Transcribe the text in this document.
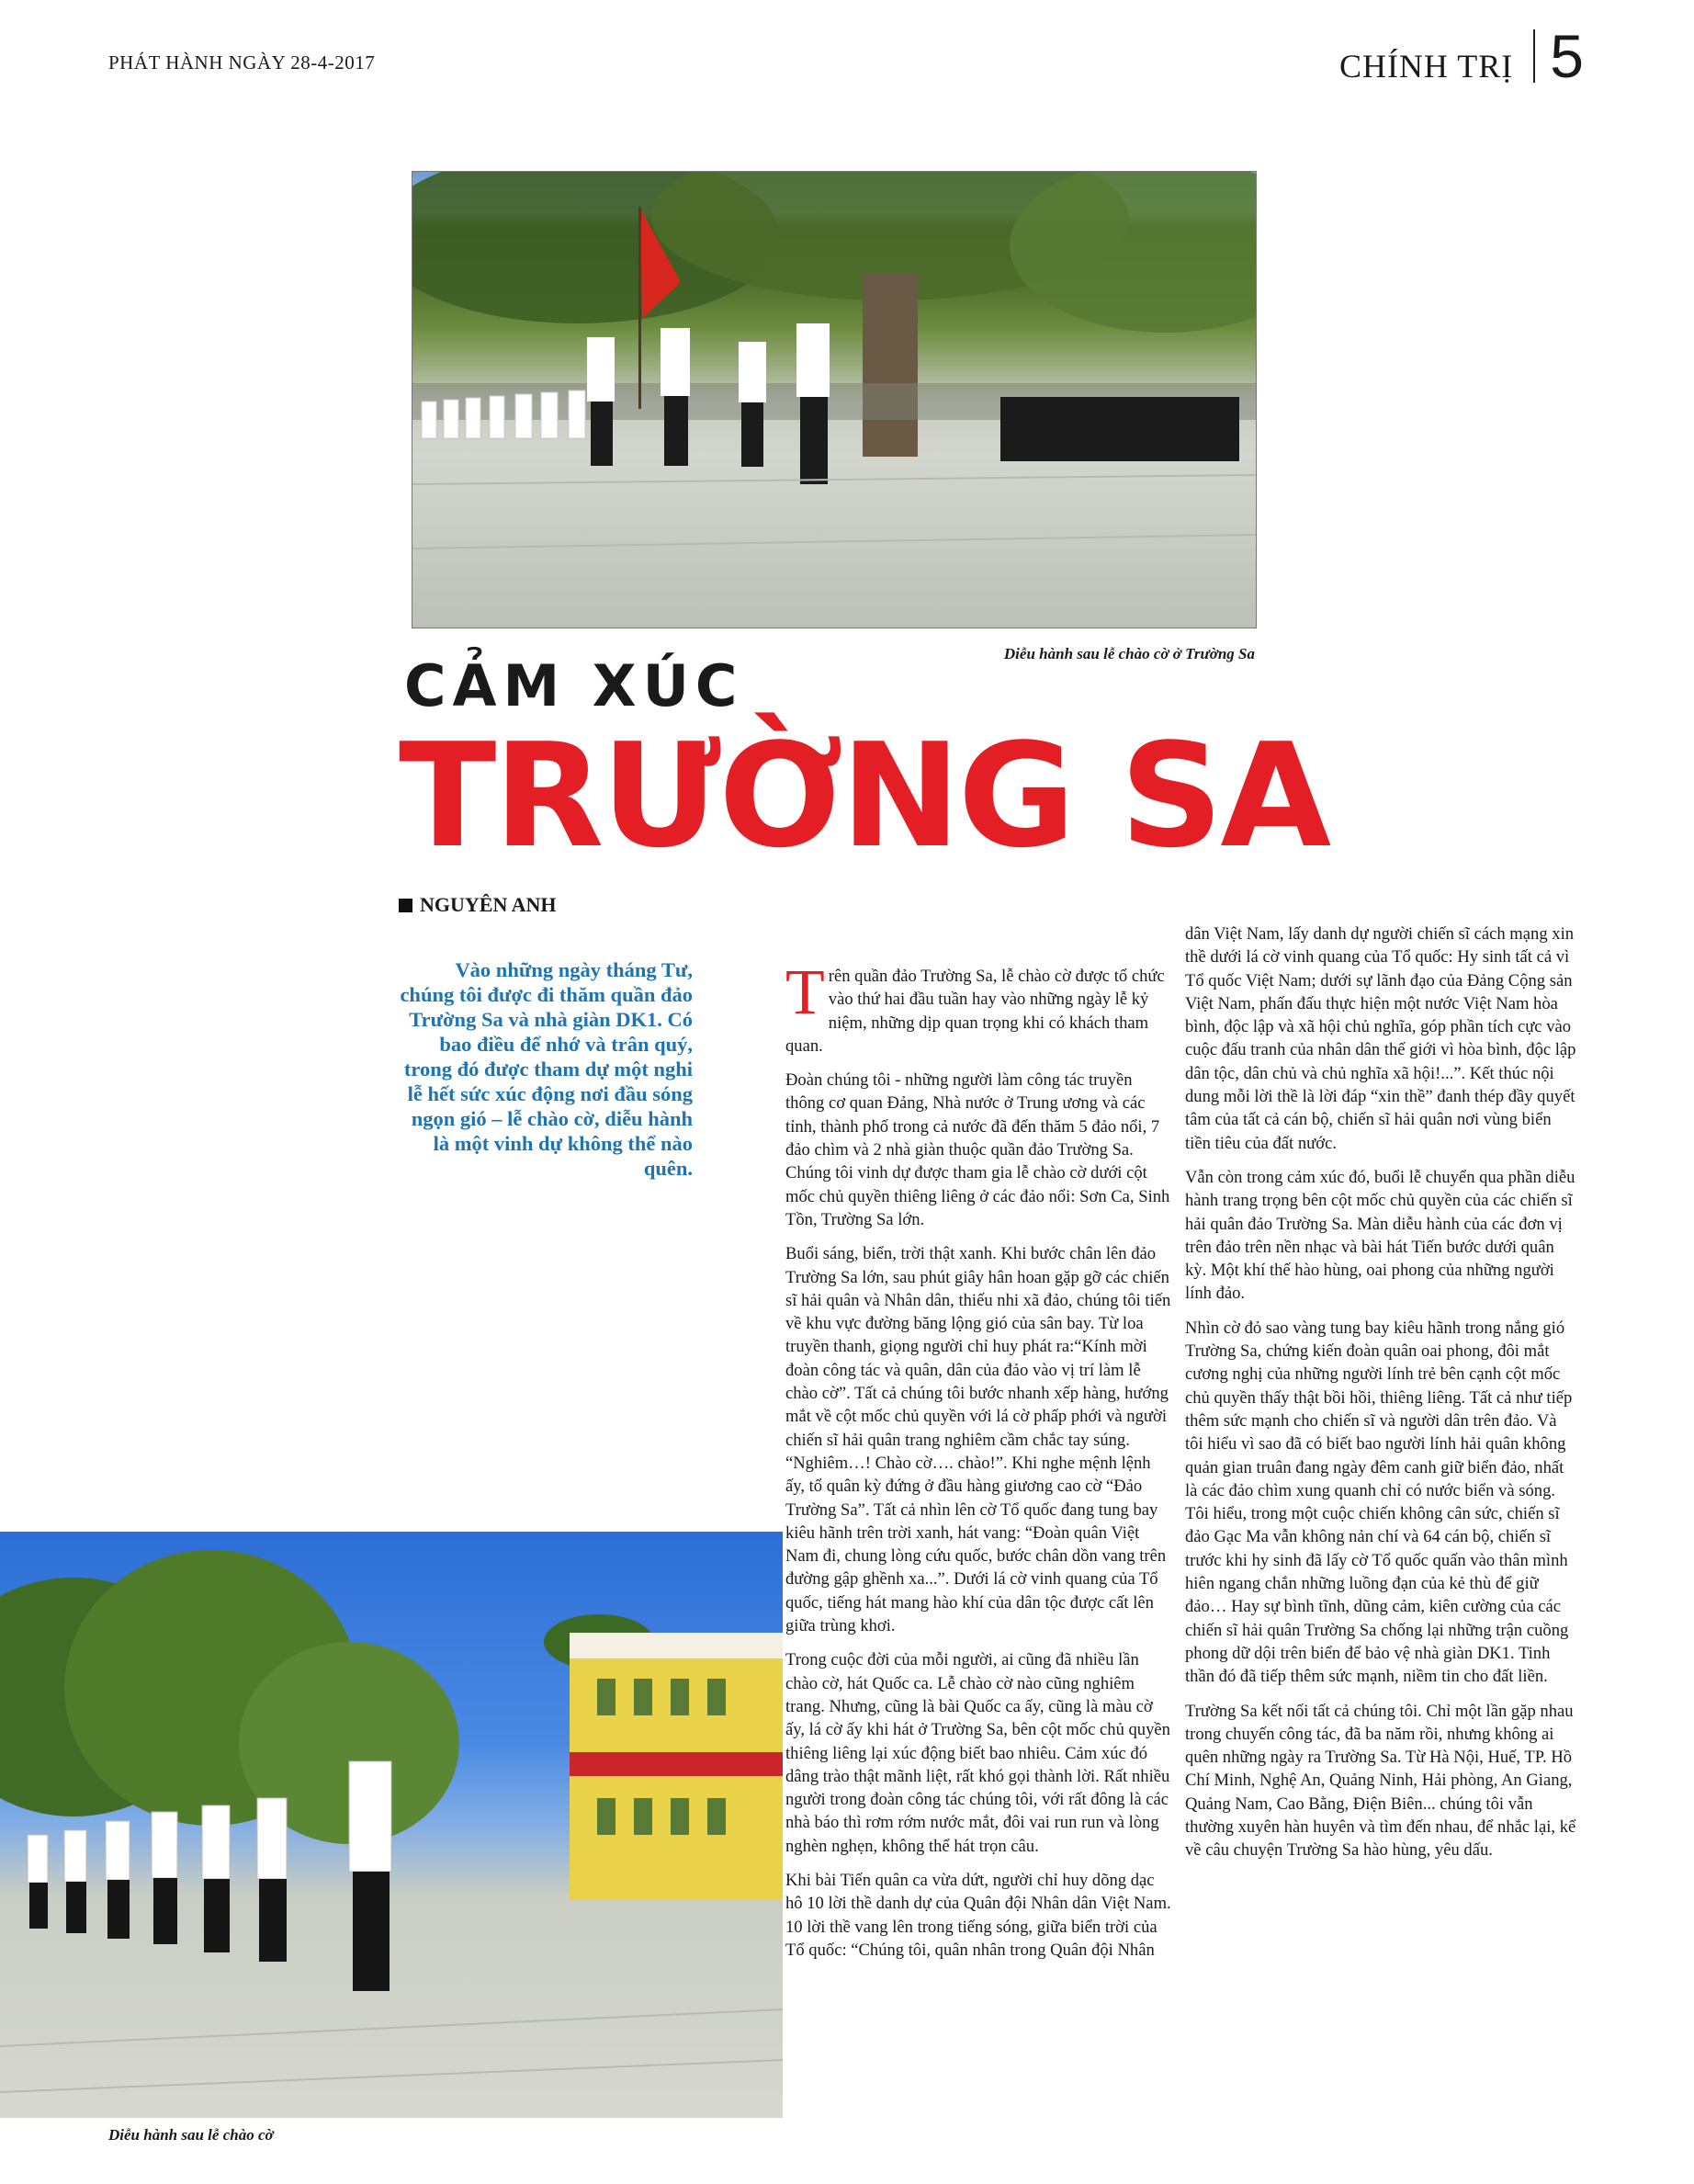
PHÁT HÀNH NGÀY 28-4-2017	CHÍNH TRỊ 5
Diễu hành sau lễ chào cờ ở Trường Sa
CẢM XÚC
TRƯỜNG SA
NGUYÊN ANH
Vào những ngày tháng Tư, chúng tôi được đi thăm quần đảo Trường Sa và nhà giàn DK1. Có bao điều để nhớ và trân quý, trong đó được tham dự một nghi lễ hết sức xúc động nơi đầu sóng ngọn gió – lễ chào cờ, diễu hành là một vinh dự không thể nào quên.

Trên quần đảo Trường Sa, lễ chào cờ được tổ chức vào thứ hai đầu tuần hay vào những ngày lễ kỷ niệm, những dịp quan trọng khi có khách tham quan.

Đoàn chúng tôi - những người làm công tác truyền thông cơ quan Đảng, Nhà nước ở Trung ương và các tỉnh, thành phố trong cả nước đã đến thăm 5 đảo nổi, 7 đảo chìm và 2 nhà giàn thuộc quần đảo Trường Sa. Chúng tôi vinh dự được tham gia lễ chào cờ dưới cột mốc chủ quyền thiêng liêng ở các đảo nổi: Sơn Ca, Sinh Tồn, Trường Sa lớn.

Buổi sáng, biển, trời thật xanh. Khi bước chân lên đảo Trường Sa lớn, sau phút giây hân hoan gặp gỡ các chiến sĩ hải quân và Nhân dân, thiếu nhi xã đảo, chúng tôi tiến về khu vực đường băng lộng gió của sân bay. Từ loa truyền thanh, giọng người chỉ huy phát ra:“Kính mời đoàn công tác và quân, dân của đảo vào vị trí làm lễ chào cờ”. Tất cả chúng tôi bước nhanh xếp hàng, hướng mắt về cột mốc chủ quyền với lá cờ phấp phới và người chiến sĩ hải quân trang nghiêm cầm chắc tay súng. “Nghiêm…! Chào cờ…. chào!”. Khi nghe mệnh lệnh ấy, tổ quân kỳ đứng ở đầu hàng giương cao cờ “Đảo Trường Sa”. Tất cả nhìn lên cờ Tổ quốc đang tung bay kiêu hãnh trên trời xanh, hát vang: “Đoàn quân Việt Nam đi, chung lòng cứu quốc, bước chân dồn vang trên đường gập ghềnh xa...”. Dưới lá cờ vinh quang của Tổ quốc, tiếng hát mang hào khí của dân tộc được cất lên giữa trùng khơi.

Trong cuộc đời của mỗi người, ai cũng đã nhiều lần chào cờ, hát Quốc ca. Lễ chào cờ nào cũng nghiêm trang. Nhưng, cũng là bài Quốc ca ấy, cũng là màu cờ ấy, lá cờ ấy khi hát ở Trường Sa, bên cột mốc chủ quyền thiêng liêng lại xúc động biết bao nhiêu. Cảm xúc đó dâng trào thật mãnh liệt, rất khó gọi thành lời. Rất nhiều người trong đoàn công tác chúng tôi, với rất đông là các nhà báo thì rơm rớm nước mắt, đôi vai run run và lòng nghèn nghẹn, không thể hát trọn câu.

Khi bài Tiến quân ca vừa dứt, người chỉ huy dõng dạc hô 10 lời thề danh dự của Quân đội Nhân dân Việt Nam. 10 lời thề vang lên trong tiếng sóng, giữa biển trời của Tổ quốc: “Chúng tôi, quân nhân trong Quân đội Nhân

dân Việt Nam, lấy danh dự người chiến sĩ cách mạng xin thề dưới lá cờ vinh quang của Tổ quốc: Hy sinh tất cả vì Tổ quốc Việt Nam; dưới sự lãnh đạo của Đảng Cộng sản Việt Nam, phấn đấu thực hiện một nước Việt Nam hòa bình, độc lập và xã hội chủ nghĩa, góp phần tích cực vào cuộc đấu tranh của nhân dân thế giới vì hòa bình, độc lập dân tộc, dân chủ và chủ nghĩa xã hội!...”. Kết thúc nội dung mỗi lời thề là lời đáp “xin thề” đanh thép đầy quyết tâm của tất cả cán bộ, chiến sĩ hải quân nơi vùng biển tiền tiêu của đất nước.

Vẫn còn trong cảm xúc đó, buổi lễ chuyển qua phần diễu hành trang trọng bên cột mốc chủ quyền của các chiến sĩ hải quân đảo Trường Sa. Màn diễu hành của các đơn vị trên đảo trên nền nhạc và bài hát Tiến bước dưới quân kỳ. Một khí thế hào hùng, oai phong của những người lính đảo.

Nhìn cờ đỏ sao vàng tung bay kiêu hãnh trong nắng gió Trường Sa, chứng kiến đoàn quân oai phong, đôi mắt cương nghị của những người lính trẻ bên cạnh cột mốc chủ quyền thấy thật bồi hồi, thiêng liêng. Tất cả như tiếp thêm sức mạnh cho chiến sĩ và người dân trên đảo. Và tôi hiểu vì sao đã có biết bao người lính hải quân không quản gian truân đang ngày đêm canh giữ biển đảo, nhất là các đảo chìm xung quanh chỉ có nước biển và sóng. Tôi hiểu, trong một cuộc chiến không cân sức, chiến sĩ đảo Gạc Ma vẫn không nản chí và 64 cán bộ, chiến sĩ trước khi hy sinh đã lấy cờ Tổ quốc quấn vào thân mình hiên ngang chắn những luồng đạn của kẻ thù để giữ đảo… Hay sự bình tĩnh, dũng cảm, kiên cường của các chiến sĩ hải quân Trường Sa chống lại những trận cuồng phong dữ dội trên biển để bảo vệ nhà giàn DK1. Tinh thần đó đã tiếp thêm sức mạnh, niềm tin cho đất liền.

Trường Sa kết nối tất cả chúng tôi. Chỉ một lần gặp nhau trong chuyến công tác, đã ba năm rồi, nhưng không ai quên những ngày ra Trường Sa. Từ Hà Nội, Huế, TP. Hồ Chí Minh, Nghệ An, Quảng Ninh, Hải phòng, An Giang, Quảng Nam, Cao Bằng, Điện Biên... chúng tôi vẫn thường xuyên hàn huyên và tìm đến nhau, để nhắc lại, kể về câu chuyện Trường Sa hào hùng, yêu dấu.

Diễu hành sau lễ chào cờ
